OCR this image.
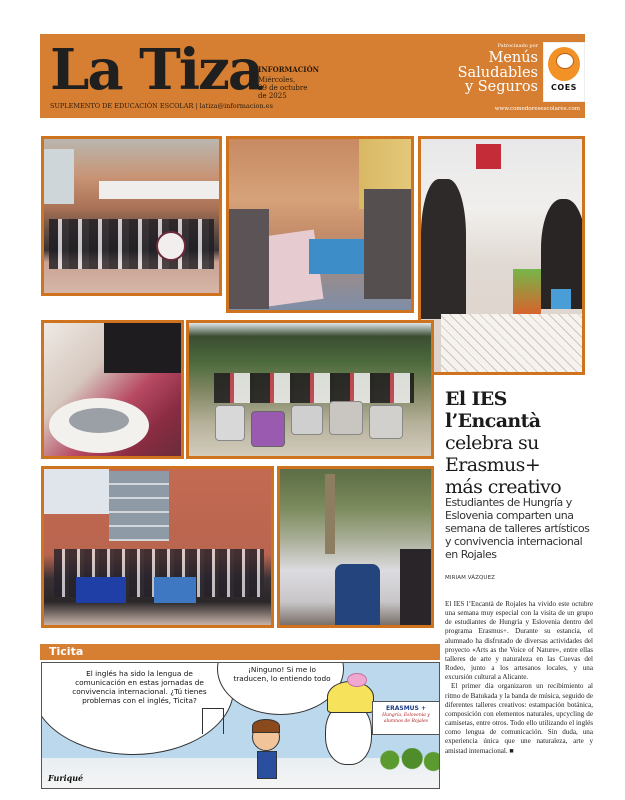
La Tiza
INFORMACIÓN
Miércoles,
29 de octubre
de 2025
SUPLEMENTO DE EDUCACIÓN ESCOLAR | latiza@informacion.es
Patrocinado por
Menús
Saludables
y Seguros	COES
www.comedoresescolares.com
El IES l’Encantà
celebra su
Erasmus+
más creativo
Estudiantes de Hungría y Eslovenia comparten una semana de talleres artísticos y convivencia internacional en Rojales
MIRIAM VÁZQUEZ

El IES l’Encantà de Rojales ha vivido este octubre una semana muy especial con la visita de un grupo de estudiantes de Hungría y Eslovenia dentro del programa Erasmus+. Durante su estancia, el alumnado ha disfrutado de diversas actividades del proyecto «Arts as the Voice of Nature», entre ellas talleres de arte y naturaleza en las Cuevas del Rodeo, junto a los artesanos locales, y una excursión cultural a Alicante.

El primer día organizaron un recibimiento al ritmo de Batukada y la banda de música, seguido de diferentes talleres creativos: estampación botánica, composición con elementos naturales, upcycling de camisetas, entre otros. Todo ello utilizando el inglés como lengua de comunicación. Sin duda, una experiencia única que une naturaleza, arte y amistad internacional. ■

Ticita
El inglés ha sido la lengua de comunicación en estas jornadas de convivencia internacional. ¿Tú tienes problemas con el inglés, Ticita?
¡Ninguno! Si me lo traducen, lo entiendo todo
ERASMUS +
Hungría, Eslovenia y alumnos de Rojales
Furiqué
